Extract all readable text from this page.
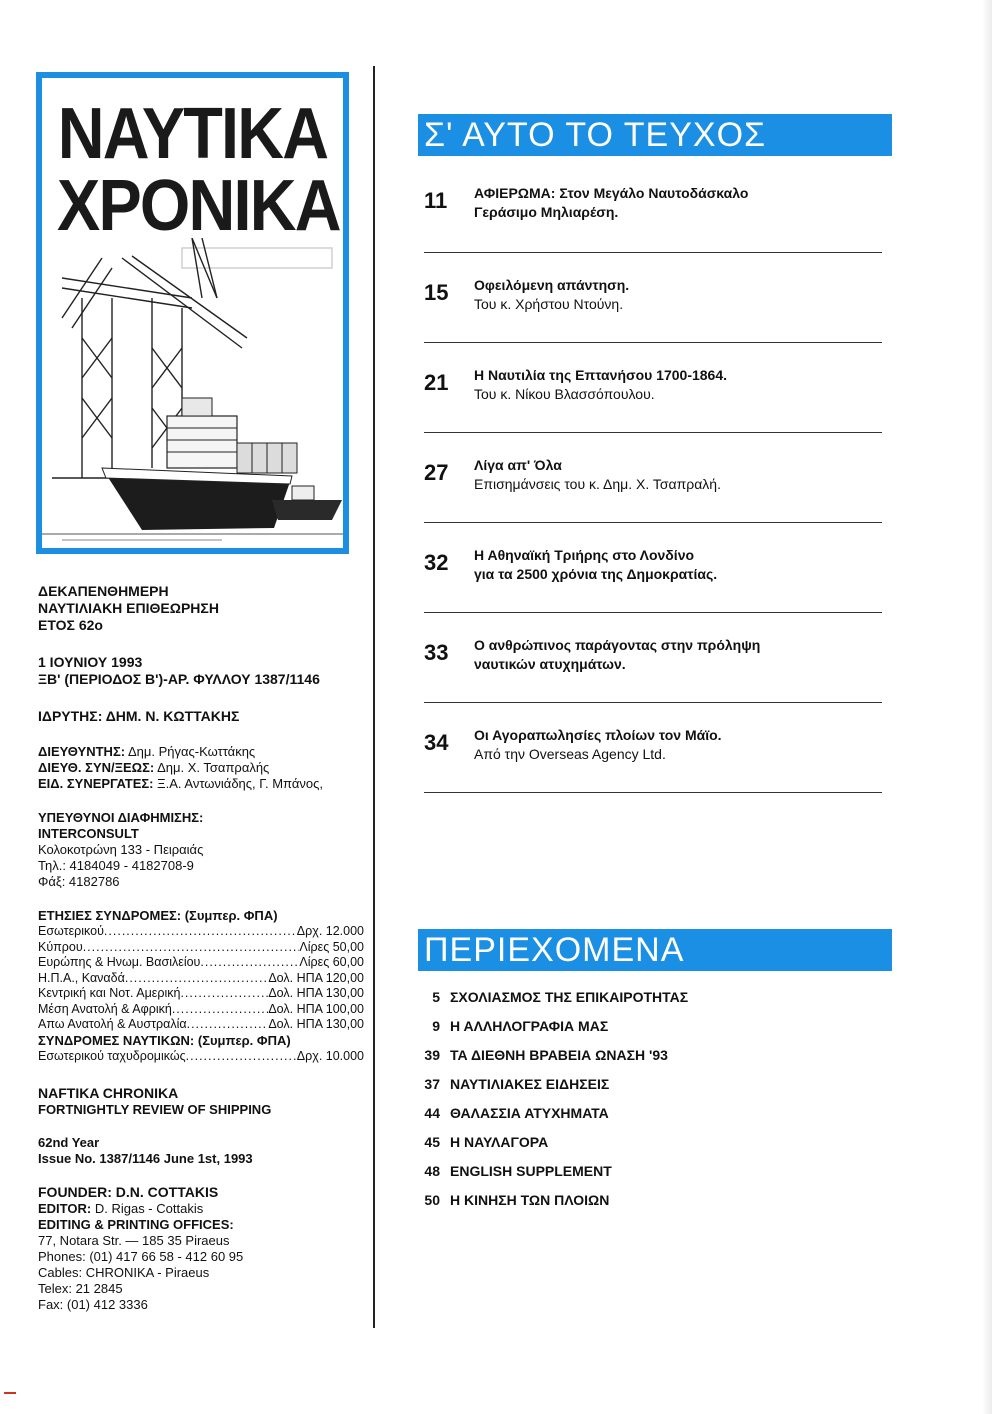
ΝΑΥΤΙΚΑ
ΧΡΟΝΙΚΑ
ΔΕΚΑΠΕΝΘΗΜΕΡΗ
ΝΑΥΤΙΛΙΑΚΗ ΕΠΙΘΕΩΡΗΣΗ
ΕΤΟΣ 62ο
1 ΙΟΥΝΙΟΥ 1993
ΞΒ' (ΠΕΡΙΟΔΟΣ Β')-ΑΡ. ΦΥΛΛΟΥ 1387/1146
ΙΔΡΥΤΗΣ: ΔΗΜ. Ν. ΚΩΤΤΑΚΗΣ
ΔΙΕΥΘΥΝΤΗΣ: Δημ. Ρήγας-Κωττάκης
ΔΙΕΥΘ. ΣΥΝ/ΞΕΩΣ: Δημ. Χ. Τσαπραλής
ΕΙΔ. ΣΥΝΕΡΓΑΤΕΣ: Ξ.Α. Αντωνιάδης, Γ. Μπάνος,
ΥΠΕΥΘΥΝΟΙ ΔΙΑΦΗΜΙΣΗΣ:
INTERCONSULT
Κολοκοτρώνη 133 - Πειραιάς
Τηλ.: 4184049 - 4182708-9
Φάξ: 4182786
ΕΤΗΣΙΕΣ ΣΥΝΔΡΟΜΕΣ: (Συμπερ. ΦΠΑ)
Εσωτερικού .....	Δρχ. 12.000
Κύπρου .....	Λίρες 50,00
Ευρώπης & Ηνωμ. Βασιλείου .....	Λίρες 60,00
Η.Π.Α., Καναδά .....	Δολ. ΗΠΑ 120,00
Κεντρική και Νοτ. Αμερική .....	Δολ. ΗΠΑ 130,00
Μέση Ανατολή & Αφρική .....	Δολ. ΗΠΑ 100,00
Απω Ανατολή & Αυστραλία .....	Δολ. ΗΠΑ 130,00
ΣΥΝΔΡΟΜΕΣ ΝΑΥΤΙΚΩΝ: (Συμπερ. ΦΠΑ)
Εσωτερικού ταχυδρομικώς .....	Δρχ. 10.000
NAFTIKA CHRONIKA
FORTNIGHTLY REVIEW OF SHIPPING
62nd Year
Issue No. 1387/1146 June 1st, 1993
FOUNDER: D.N. COTTAKIS
EDITOR: D. Rigas - Cottakis
EDITING & PRINTING OFFICES:
77, Notara Str. — 185 35 Piraeus
Phones: (01) 417 66 58 - 412 60 95
Cables: CHRONIKA - Piraeus
Telex: 21 2845
Fax: (01) 412 3336
Σ' ΑΥΤΟ ΤΟ ΤΕΥΧΟΣ
11 ΑΦΙΕΡΩΜΑ: Στον Μεγάλο Ναυτοδάσκαλο
Γεράσιμο Μηλιαρέση.
15 Οφειλόμενη απάντηση.
Του κ. Χρήστου Ντούνη.
21 Η Ναυτιλία της Επτανήσου 1700-1864.
Του κ. Νίκου Βλασσόπουλου.
27 Λίγα απ' Όλα
Επισημάνσεις του κ. Δημ. Χ. Τσαπραλή.
32 Η Αθηναϊκή Τριήρης στο Λονδίνο
για τα 2500 χρόνια της Δημοκρατίας.
33 Ο ανθρώπινος παράγοντας στην πρόληψη
ναυτικών ατυχημάτων.
34 Οι Αγοραπωλησίες πλοίων τον Μάϊο.
Από την Overseas Agency Ltd.
ΠΕΡΙΕΧΟΜΕΝΑ
5 ΣΧΟΛΙΑΣΜΟΣ ΤΗΣ ΕΠΙΚΑΙΡΟΤΗΤΑΣ
9 Η ΑΛΛΗΛΟΓΡΑΦΙΑ ΜΑΣ
39 ΤΑ ΔΙΕΘΝΗ ΒΡΑΒΕΙΑ ΩΝΑΣΗ '93
37 ΝΑΥΤΙΛΙΑΚΕΣ ΕΙΔΗΣΕΙΣ
44 ΘΑΛΑΣΣΙΑ ΑΤΥΧΗΜΑΤΑ
45 Η ΝΑΥΛΑΓΟΡΑ
48 ENGLISH SUPPLEMENT
50 Η ΚΙΝΗΣΗ ΤΩΝ ΠΛΟΙΩΝ
